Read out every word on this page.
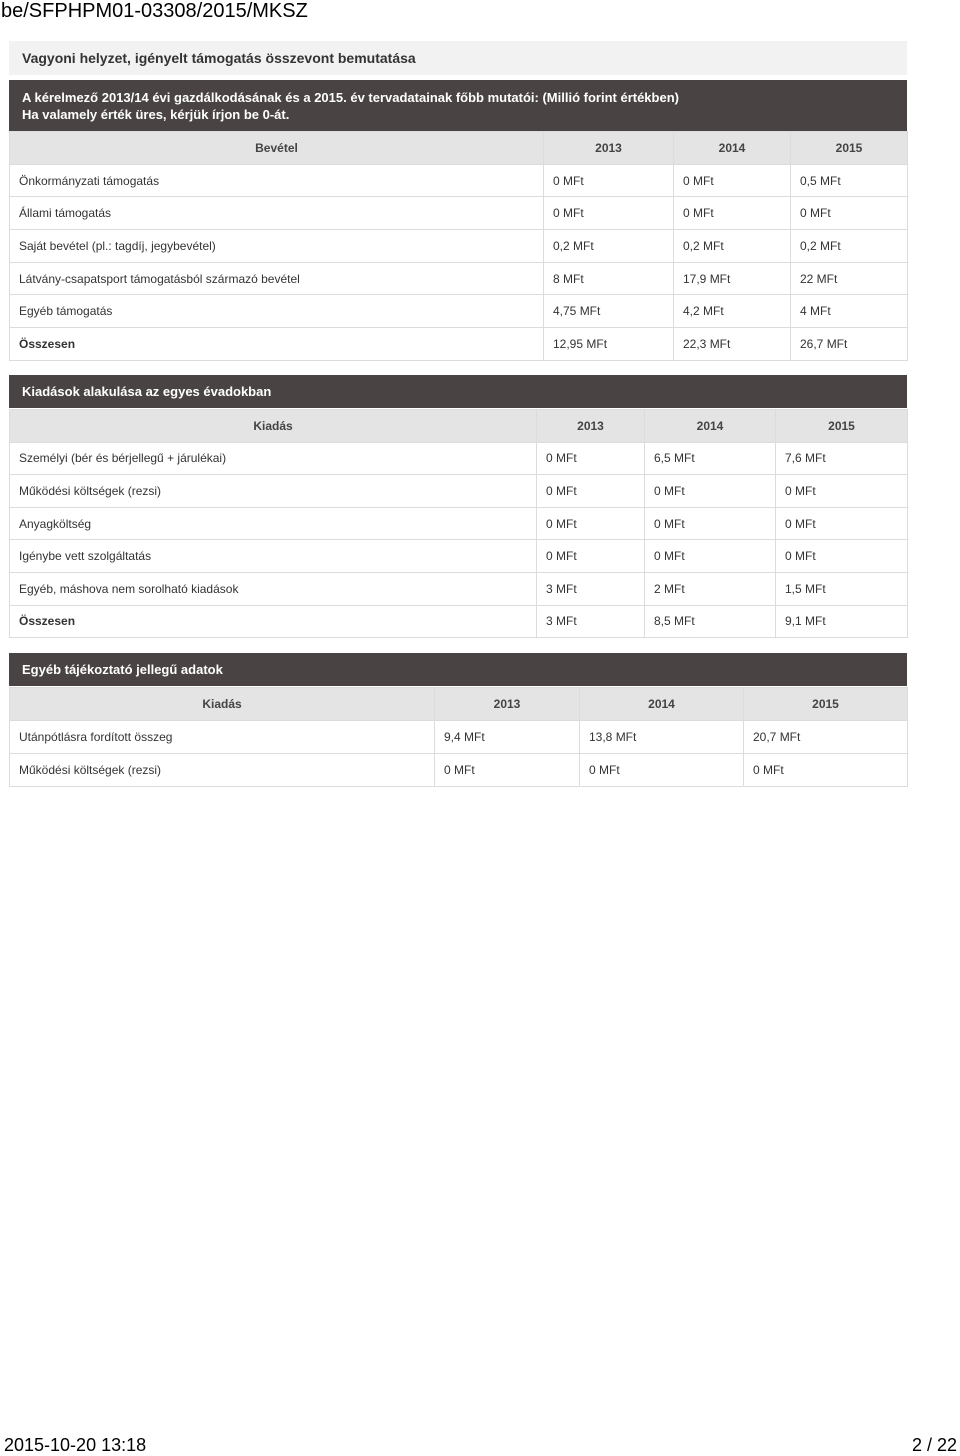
be/SFPHPM01-03308/2015/MKSZ
Vagyoni helyzet, igényelt támogatás összevont bemutatása
A kérelmező 2013/14 évi gazdálkodásának és a 2015. év tervadatainak főbb mutatói: (Millió forint értékben)
Ha valamely érték üres, kérjük írjon be 0-át.
Bevétel	2013	2014	2015
Önkormányzati támogatás	0 MFt	0 MFt	0,5 MFt
Állami támogatás	0 MFt	0 MFt	0 MFt
Saját bevétel (pl.: tagdíj, jegybevétel)	0,2 MFt	0,2 MFt	0,2 MFt
Látvány-csapatsport támogatásból származó bevétel	8 MFt	17,9 MFt	22 MFt
Egyéb támogatás	4,75 MFt	4,2 MFt	4 MFt
Összesen	12,95 MFt	22,3 MFt	26,7 MFt
Kiadások alakulása az egyes évadokban
Kiadás	2013	2014	2015
Személyi (bér és bérjellegű + járulékai)	0 MFt	6,5 MFt	7,6 MFt
Működési költségek (rezsi)	0 MFt	0 MFt	0 MFt
Anyagköltség	0 MFt	0 MFt	0 MFt
Igénybe vett szolgáltatás	0 MFt	0 MFt	0 MFt
Egyéb, máshova nem sorolható kiadások	3 MFt	2 MFt	1,5 MFt
Összesen	3 MFt	8,5 MFt	9,1 MFt
Egyéb tájékoztató jellegű adatok
Kiadás	2013	2014	2015
Utánpótlásra fordított összeg	9,4 MFt	13,8 MFt	20,7 MFt
Működési költségek (rezsi)	0 MFt	0 MFt	0 MFt
2015-10-20 13:18	2 / 22
